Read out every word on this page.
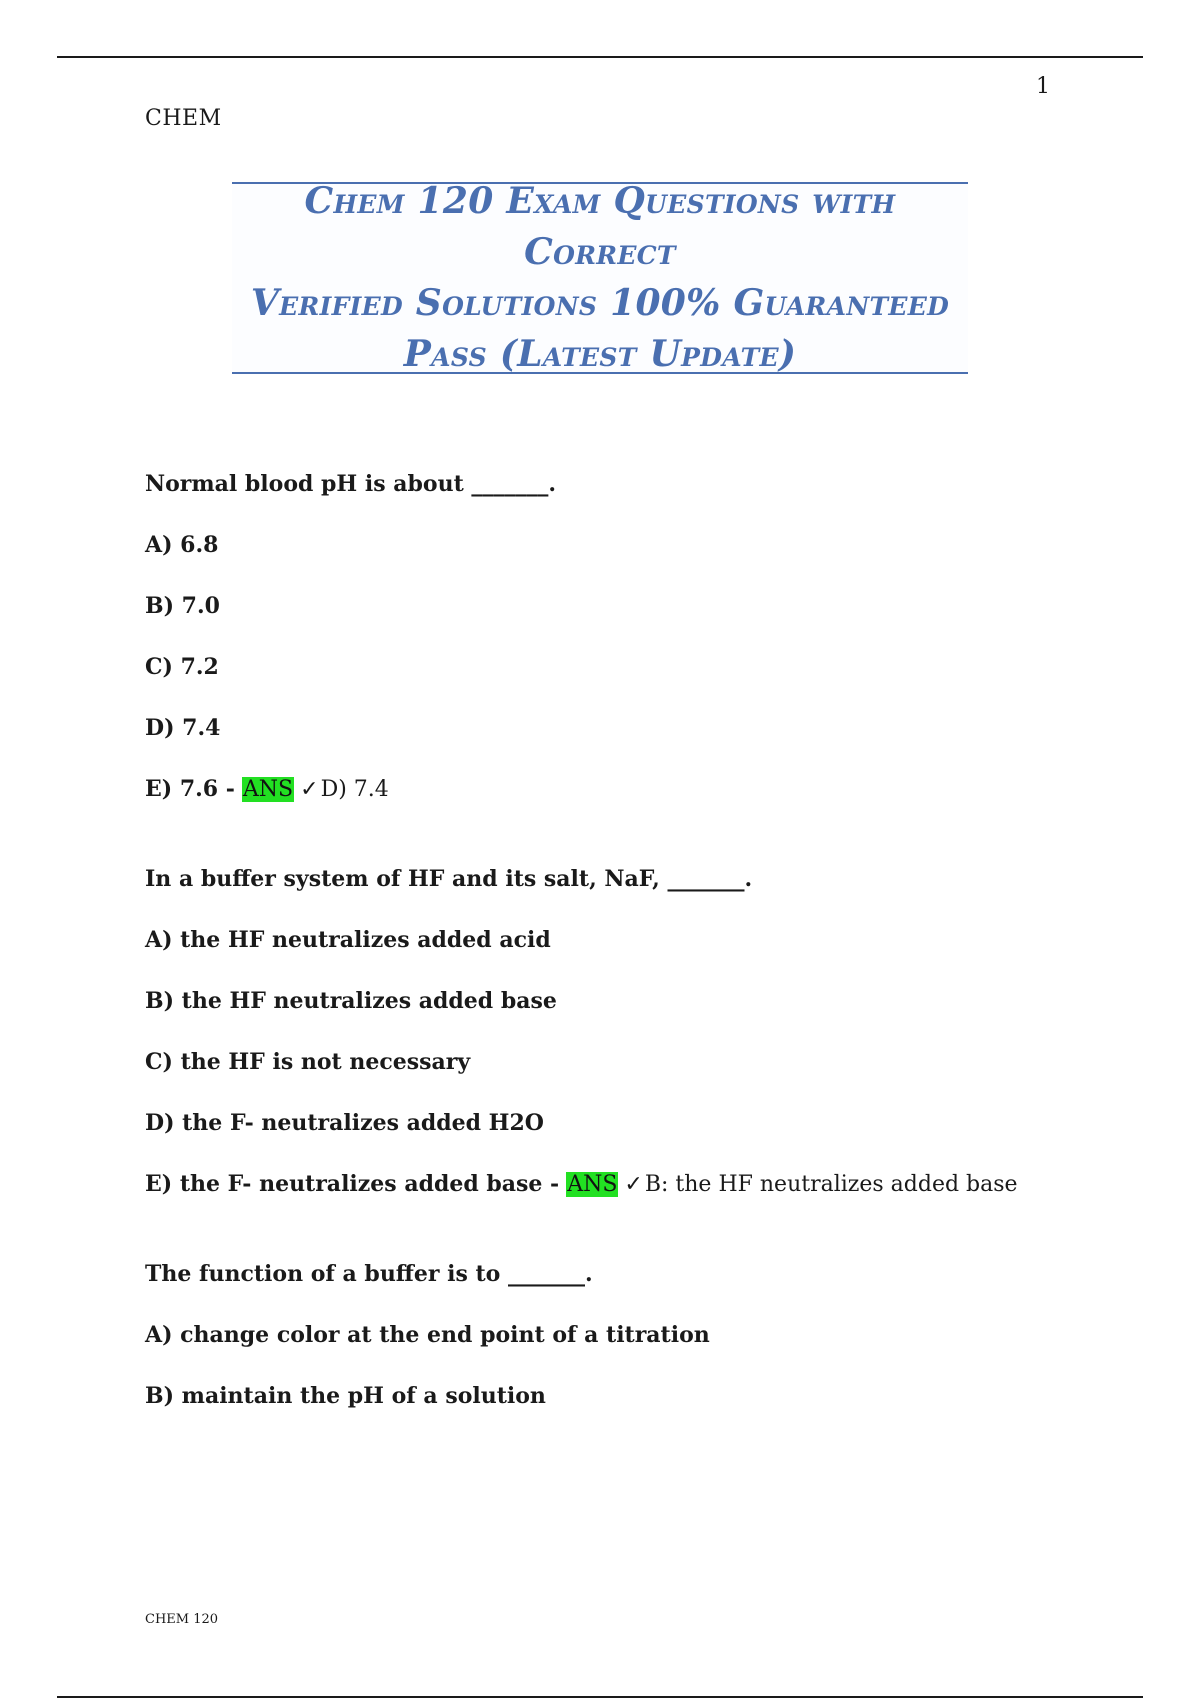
1
CHEM
Chem 120 Exam Questions with Correct
Verified Solutions 100% Guaranteed
Pass (Latest Update)

Normal blood pH is about _______.

A) 6.8

B) 7.0

C) 7.2

D) 7.4

E) 7.6 - ANS ✓D) 7.4

In a buffer system of HF and its salt, NaF, _______.

A) the HF neutralizes added acid

B) the HF neutralizes added base

C) the HF is not necessary

D) the F- neutralizes added H2O

E) the F- neutralizes added base - ANS ✓B: the HF neutralizes added base

The function of a buffer is to _______.

A) change color at the end point of a titration

B) maintain the pH of a solution

CHEM 120
